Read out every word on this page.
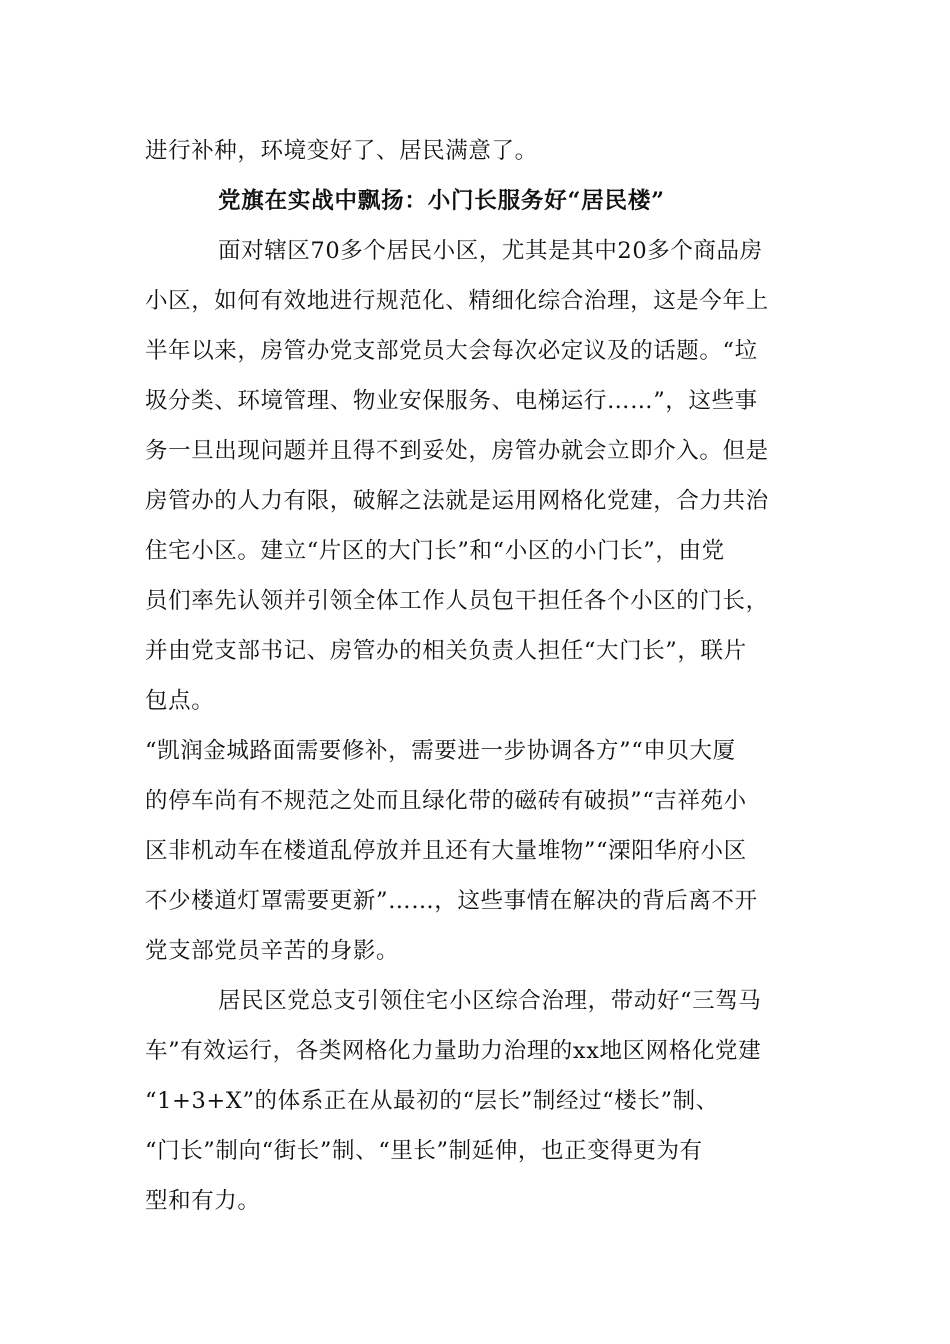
进行补种，环境变好了、居民满意了。
党旗在实战中飘扬：小门长服务好“居民楼”
面对辖区70多个居民小区，尤其是其中20多个商品房
小区，如何有效地进行规范化、精细化综合治理，这是今年上
半年以来，房管办党支部党员大会每次必定议及的话题。“垃
圾分类、环境管理、物业安保服务、电梯运行……”，这些事
务一旦出现问题并且得不到妥处，房管办就会立即介入。但是
房管办的人力有限，破解之法就是运用网格化党建，合力共治
住宅小区。建立“片区的大门长”和“小区的小门长”，由党
员们率先认领并引领全体工作人员包干担任各个小区的门长，
并由党支部书记、房管办的相关负责人担任“大门长”，联片
包点。
“凯润金城路面需要修补，需要进一步协调各方”“申贝大厦
的停车尚有不规范之处而且绿化带的磁砖有破损”“吉祥苑小
区非机动车在楼道乱停放并且还有大量堆物”“溧阳华府小区
不少楼道灯罩需要更新”……，这些事情在解决的背后离不开
党支部党员辛苦的身影。
居民区党总支引领住宅小区综合治理，带动好“三驾马
车”有效运行，各类网格化力量助力治理的xx地区网格化党建
“1+3+X”的体系正在从最初的“层长”制经过“楼长”制、
“门长”制向“街长”制、“里长”制延伸，也正变得更为有
型和有力。
